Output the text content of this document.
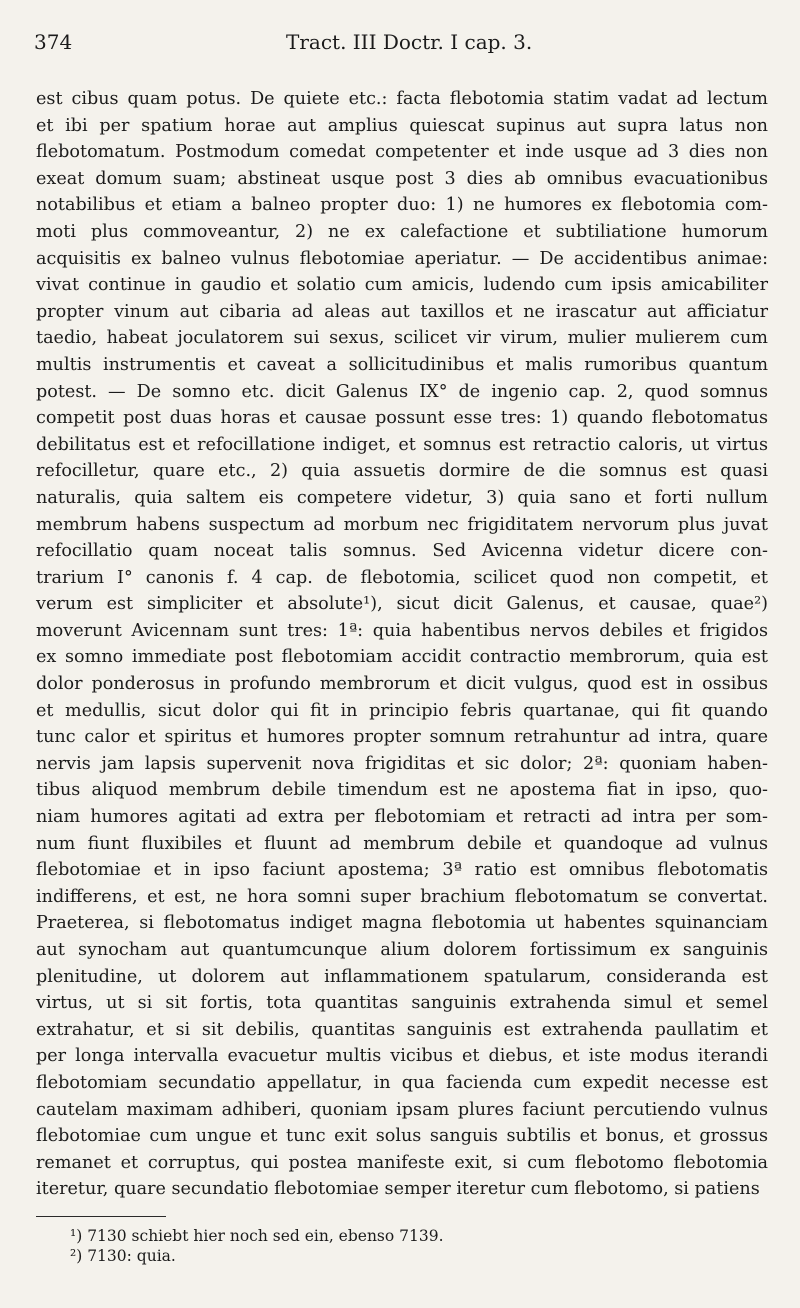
374	Tract. III Doctr. I cap. 3.
est cibus quam potus. De quiete etc.: facta flebotomia statim vadat ad lectum
et ibi per spatium horae aut amplius quiescat supinus aut supra latus non
flebotomatum. Postmodum comedat competenter et inde usque ad 3 dies non
exeat domum suam; abstineat usque post 3 dies ab omnibus evacuationibus
notabilibus et etiam a balneo propter duo: 1) ne humores ex flebotomia com-
moti plus commoveantur, 2) ne ex calefactione et subtiliatione humorum
acquisitis ex balneo vulnus flebotomiae aperiatur. — De accidentibus animae:
vivat continue in gaudio et solatio cum amicis, ludendo cum ipsis amicabiliter
propter vinum aut cibaria ad aleas aut taxillos et ne irascatur aut afficiatur
taedio, habeat joculatorem sui sexus, scilicet vir virum, mulier mulierem cum
multis instrumentis et caveat a sollicitudinibus et malis rumoribus quantum
potest. — De somno etc. dicit Galenus IX° de ingenio cap. 2, quod somnus
competit post duas horas et causae possunt esse tres: 1) quando flebotomatus
debilitatus est et refocillatione indiget, et somnus est retractio caloris, ut virtus
refocilletur, quare etc., 2) quia assuetis dormire de die somnus est quasi
naturalis, quia saltem eis competere videtur, 3) quia sano et forti nullum
membrum habens suspectum ad morbum nec frigiditatem nervorum plus juvat
refocillatio quam noceat talis somnus. Sed Avicenna videtur dicere con-
trarium I° canonis f. 4 cap. de flebotomia, scilicet quod non competit, et
verum est simpliciter et absolute¹), sicut dicit Galenus, et causae, quae²)
moverunt Avicennam sunt tres: 1ª: quia habentibus nervos debiles et frigidos
ex somno immediate post flebotomiam accidit contractio membrorum, quia est
dolor ponderosus in profundo membrorum et dicit vulgus, quod est in ossibus
et medullis, sicut dolor qui fit in principio febris quartanae, qui fit quando
tunc calor et spiritus et humores propter somnum retrahuntur ad intra, quare
nervis jam lapsis supervenit nova frigiditas et sic dolor; 2ª: quoniam haben-
tibus aliquod membrum debile timendum est ne apostema fiat in ipso, quo-
niam humores agitati ad extra per flebotomiam et retracti ad intra per som-
num fiunt fluxibiles et fluunt ad membrum debile et quandoque ad vulnus
flebotomiae et in ipso faciunt apostema; 3ª ratio est omnibus flebotomatis
indifferens, et est, ne hora somni super brachium flebotomatum se convertat.
Praeterea, si flebotomatus indiget magna flebotomia ut habentes squinanciam
aut synocham aut quantumcunque alium dolorem fortissimum ex sanguinis
plenitudine, ut dolorem aut inflammationem spatularum, consideranda est
virtus, ut si sit fortis, tota quantitas sanguinis extrahenda simul et semel
extrahatur, et si sit debilis, quantitas sanguinis est extrahenda paullatim et
per longa intervalla evacuetur multis vicibus et diebus, et iste modus iterandi
flebotomiam secundatio appellatur, in qua facienda cum expedit necesse est
cautelam maximam adhiberi, quoniam ipsam plures faciunt percutiendo vulnus
flebotomiae cum ungue et tunc exit solus sanguis subtilis et bonus, et grossus
remanet et corruptus, qui postea manifeste exit, si cum flebotomo flebotomia
iteretur, quare secundatio flebotomiae semper iteretur cum flebotomo, si patiens
¹) 7130 schiebt hier noch sed ein, ebenso 7139.
²) 7130: quia.
